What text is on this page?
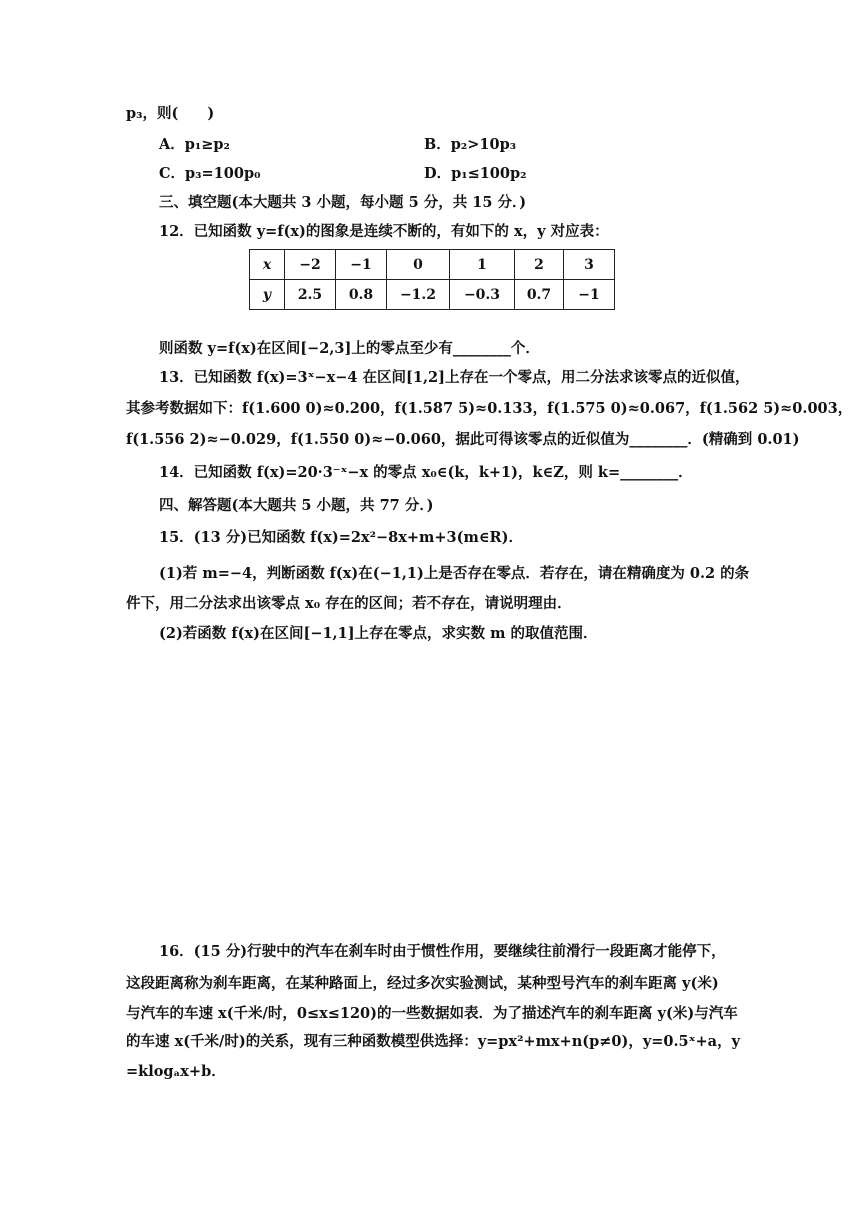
p₃，则(　　)
A．p₁≥p₂	B．p₂>10p₃
C．p₃=100p₀	D．p₁≤100p₂
三、填空题(本大题共 3 小题，每小题 5 分，共 15 分．)
12．已知函数 y=f(x)的图象是连续不断的，有如下的 x，y 对应表：
x	−2	−1	0	1	2	3
y	2.5	0.8	−1.2	−0.3	0.7	−1
则函数 y=f(x)在区间[−2,3]上的零点至少有________个．
13．已知函数 f(x)=3ˣ−x−4 在区间[1,2]上存在一个零点，用二分法求该零点的近似值，
其参考数据如下：f(1.600 0)≈0.200，f(1.587 5)≈0.133，f(1.575 0)≈0.067，f(1.562 5)≈0.003，
f(1.556 2)≈−0.029，f(1.550 0)≈−0.060，据此可得该零点的近似值为________．(精确到 0.01)
14．已知函数 f(x)=20·3⁻ˣ−x 的零点 x₀∈(k，k+1)，k∈Z，则 k=________．
四、解答题(本大题共 5 小题，共 77 分．)
15．(13 分)已知函数 f(x)=2x²−8x+m+3(m∈R)．
(1)若 m=−4，判断函数 f(x)在(−1,1)上是否存在零点．若存在，请在精确度为 0.2 的条
件下，用二分法求出该零点 x₀ 存在的区间；若不存在，请说明理由．
(2)若函数 f(x)在区间[−1,1]上存在零点，求实数 m 的取值范围．
16．(15 分)行驶中的汽车在刹车时由于惯性作用，要继续往前滑行一段距离才能停下，
这段距离称为刹车距离，在某种路面上，经过多次实验测试，某种型号汽车的刹车距离 y(米)
与汽车的车速 x(千米/时，0≤x≤120)的一些数据如表．为了描述汽车的刹车距离 y(米)与汽车
的车速 x(千米/时)的关系，现有三种函数模型供选择：y=px²+mx+n(p≠0)，y=0.5ˣ+a，y
=klogₐx+b．
